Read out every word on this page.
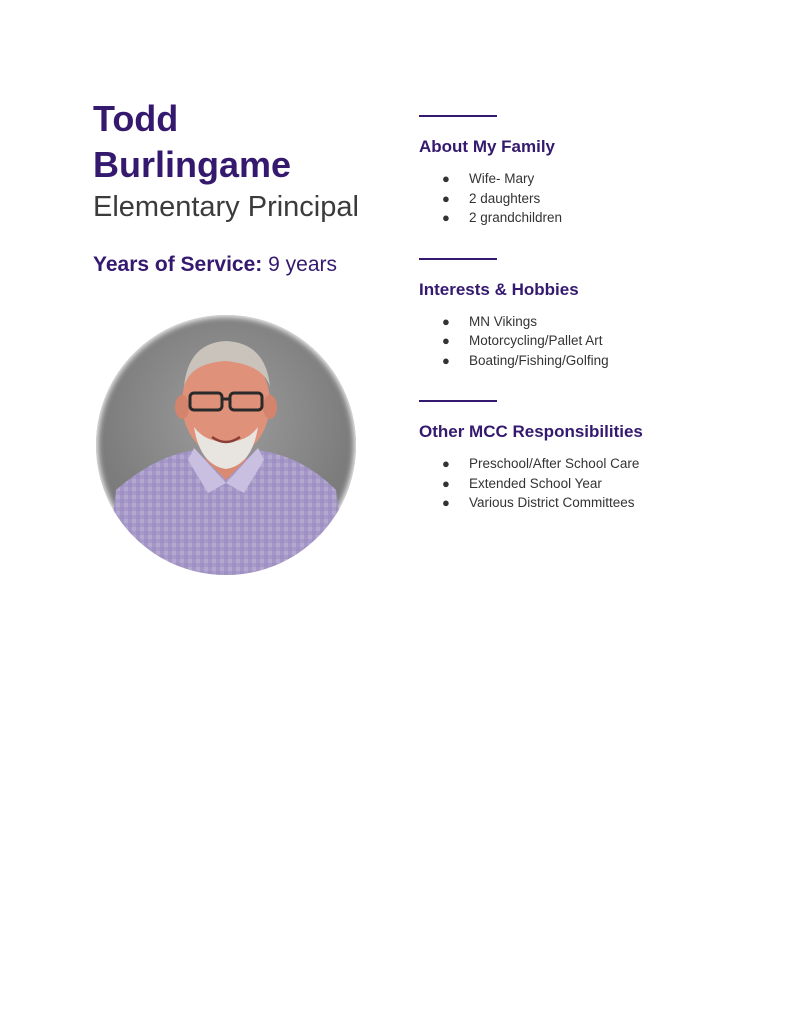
Todd
Burlingame
Elementary Principal
Years of Service: 9 years
About My Family
● Wife- Mary
● 2 daughters
● 2 grandchildren
Interests & Hobbies
● MN Vikings
● Motorcycling/Pallet Art
● Boating/Fishing/Golfing
Other MCC Responsibilities
● Preschool/After School Care
● Extended School Year
● Various District Committees
